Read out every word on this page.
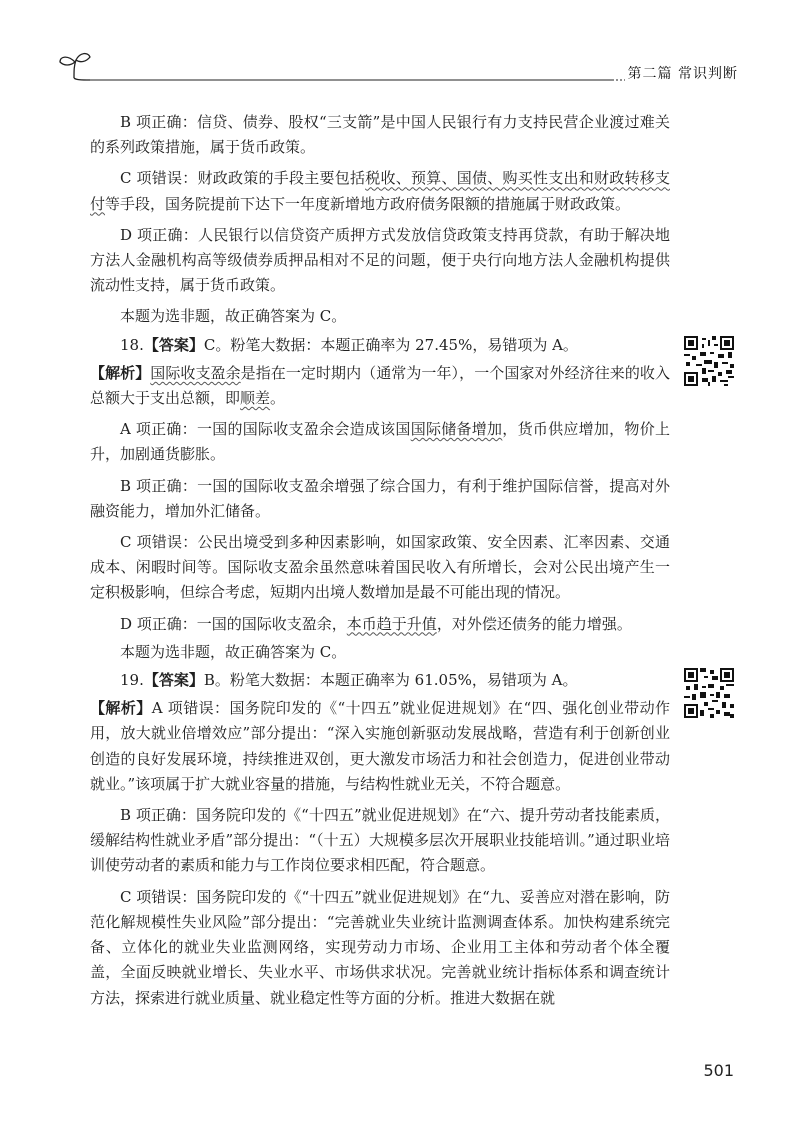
第二篇 常识判断

B 项正确：信贷、债券、股权“三支箭”是中国人民银行有力支持民营企业渡过难关的系列政策措施，属于货币政策。

C 项错误：财政政策的手段主要包括税收、预算、国债、购买性支出和财政转移支付等手段，国务院提前下达下一年度新增地方政府债务限额的措施属于财政政策。

D 项正确：人民银行以信贷资产质押方式发放信贷政策支持再贷款，有助于解决地方法人金融机构高等级债券质押品相对不足的问题，便于央行向地方法人金融机构提供流动性支持，属于货币政策。

本题为选非题，故正确答案为 C。

18.【答案】C。粉笔大数据：本题正确率为 27.45%，易错项为 A。

【解析】国际收支盈余是指在一定时期内（通常为一年），一个国家对外经济往来的收入总额大于支出总额，即顺差。

A 项正确：一国的国际收支盈余会造成该国国际储备增加，货币供应增加，物价上升，加剧通货膨胀。

B 项正确：一国的国际收支盈余增强了综合国力，有利于维护国际信誉，提高对外融资能力，增加外汇储备。

C 项错误：公民出境受到多种因素影响，如国家政策、安全因素、汇率因素、交通成本、闲暇时间等。国际收支盈余虽然意味着国民收入有所增长，会对公民出境产生一定积极影响，但综合考虑，短期内出境人数增加是最不可能出现的情况。

D 项正确：一国的国际收支盈余，本币趋于升值，对外偿还债务的能力增强。

本题为选非题，故正确答案为 C。

19.【答案】B。粉笔大数据：本题正确率为 61.05%，易错项为 A。

【解析】A 项错误：国务院印发的《“十四五”就业促进规划》在“四、强化创业带动作用，放大就业倍增效应”部分提出：“深入实施创新驱动发展战略，营造有利于创新创业创造的良好发展环境，持续推进双创，更大激发市场活力和社会创造力，促进创业带动就业。”该项属于扩大就业容量的措施，与结构性就业无关，不符合题意。

B 项正确：国务院印发的《“十四五”就业促进规划》在“六、提升劳动者技能素质，缓解结构性就业矛盾”部分提出：“（十五）大规模多层次开展职业技能培训。”通过职业培训使劳动者的素质和能力与工作岗位要求相匹配，符合题意。

C 项错误：国务院印发的《“十四五”就业促进规划》在“九、妥善应对潜在影响，防范化解规模性失业风险”部分提出：“完善就业失业统计监测调查体系。加快构建系统完备、立体化的就业失业监测网络，实现劳动力市场、企业用工主体和劳动者个体全覆盖，全面反映就业增长、失业水平、市场供求状况。完善就业统计指标体系和调查统计方法，探索进行就业质量、就业稳定性等方面的分析。推进大数据在就

501
